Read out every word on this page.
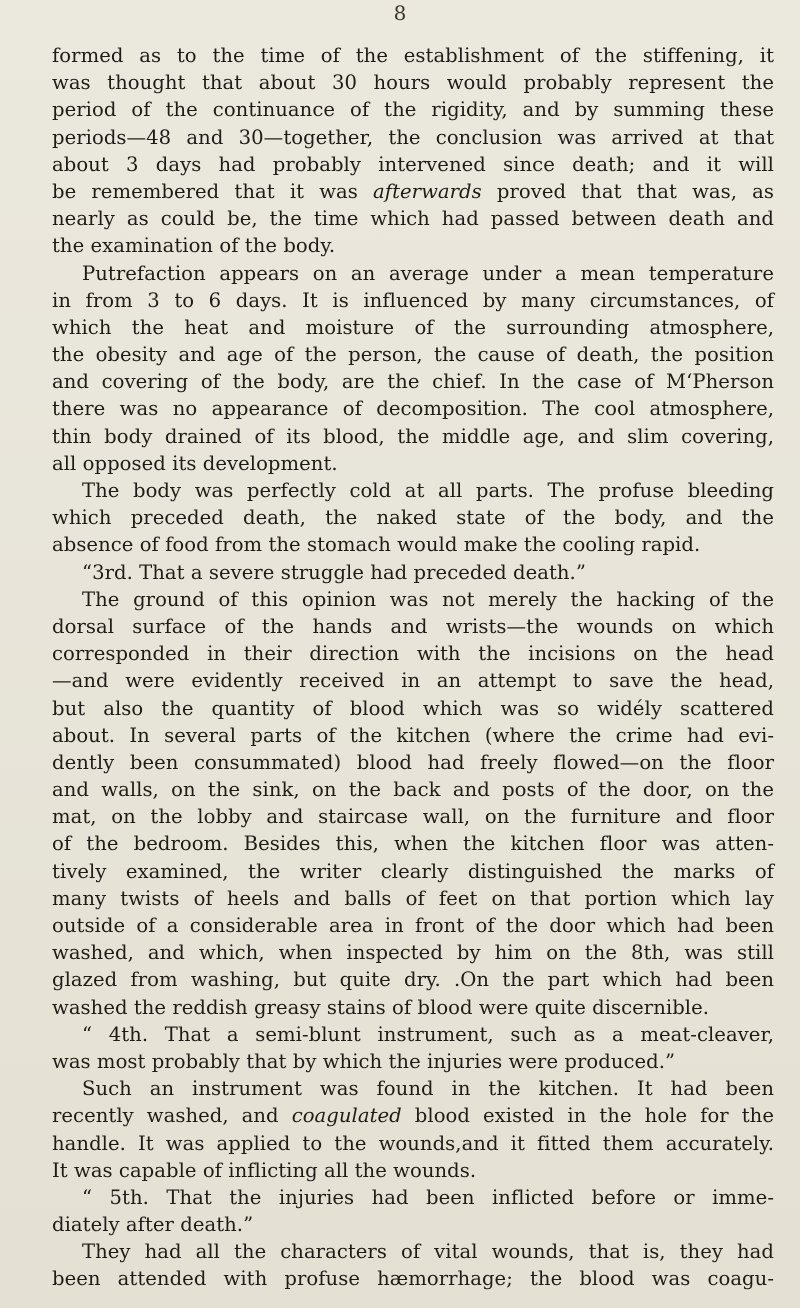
8
formed as to the time of the establishment of the stiffening, it
was thought that about 30 hours would probably represent the
period of the continuance of the rigidity, and by summing these
periods—48 and 30—together, the conclusion was arrived at that
about 3 days had probably intervened since death; and it will
be remembered that it was afterwards proved that that was, as
nearly as could be, the time which had passed between death and
the examination of the body.
Putrefaction appears on an average under a mean temperature
in from 3 to 6 days. It is influenced by many circumstances, of
which the heat and moisture of the surrounding atmosphere,
the obesity and age of the person, the cause of death, the position
and covering of the body, are the chief. In the case of M‘Pherson
there was no appearance of decomposition. The cool atmosphere,
thin body drained of its blood, the middle age, and slim covering,
all opposed its development.
The body was perfectly cold at all parts. The profuse bleeding
which preceded death, the naked state of the body, and the
absence of food from the stomach would make the cooling rapid.
“3rd. That a severe struggle had preceded death.”
The ground of this opinion was not merely the hacking of the
dorsal surface of the hands and wrists—the wounds on which
corresponded in their direction with the incisions on the head
—and were evidently received in an attempt to save the head,
but also the quantity of blood which was so widély scattered
about. In several parts of the kitchen (where the crime had evi-
dently been consummated) blood had freely flowed—on the floor
and walls, on the sink, on the back and posts of the door, on the
mat, on the lobby and staircase wall, on the furniture and floor
of the bedroom. Besides this, when the kitchen floor was atten-
tively examined, the writer clearly distinguished the marks of
many twists of heels and balls of feet on that portion which lay
outside of a considerable area in front of the door which had been
washed, and which, when inspected by him on the 8th, was still
glazed from washing, but quite dry. .On the part which had been
washed the reddish greasy stains of blood were quite discernible.
“ 4th. That a semi-blunt instrument, such as a meat-cleaver,
was most probably that by which the injuries were produced.”
Such an instrument was found in the kitchen. It had been
recently washed, and coagulated blood existed in the hole for the
handle. It was applied to the wounds,and it fitted them accurately.
It was capable of inflicting all the wounds.
“ 5th. That the injuries had been inflicted before or imme-
diately after death.”
They had all the characters of vital wounds, that is, they had
been attended with profuse hæmorrhage; the blood was coagu-
